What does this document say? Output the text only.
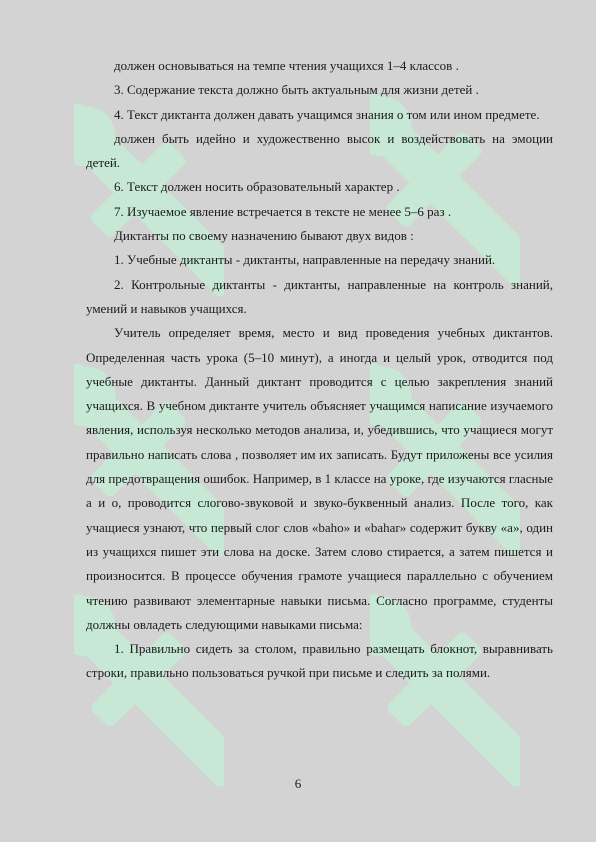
должен основываться на темпе чтения учащихся 1–4 классов .

3. Содержание текста должно быть актуальным для жизни детей .

4. Текст диктанта должен давать учащимся знания о том или ином предмете.

должен быть идейно и художественно высок и воздействовать на эмоции детей.

6. Текст должен носить образовательный характер .

7. Изучаемое явление встречается в тексте не менее 5–6 раз .

Диктанты по своему назначению бывают двух видов :

1. Учебные диктанты - диктанты, направленные на передачу знаний.

2. Контрольные диктанты - диктанты, направленные на контроль знаний, умений и навыков учащихся.

Учитель определяет время, место и вид проведения учебных диктантов. Определенная часть урока (5–10 минут), а иногда и целый урок, отводится под учебные диктанты. Данный диктант проводится с целью закрепления знаний учащихся. В учебном диктанте учитель объясняет учащимся написание изучаемого явления, используя несколько методов анализа, и, убедившись, что учащиеся могут правильно написать слова , позволяет им их записать. Будут приложены все усилия для предотвращения ошибок. Например, в 1 классе на уроке, где изучаются гласные а и о, проводится слогово-звуковой и звуко-буквенный анализ. После того, как учащиеся узнают, что первый слог слов «baho» и «bahar» содержит букву «а», один из учащихся пишет эти слова на доске. Затем слово стирается, а затем пишется и произносится. В процессе обучения грамоте учащиеся параллельно с обучением чтению развивают элементарные навыки письма. Согласно программе, студенты должны овладеть следующими навыками письма:

1. Правильно сидеть за столом, правильно размещать блокнот, выравнивать строки, правильно пользоваться ручкой при письме и следить за полями.

6
